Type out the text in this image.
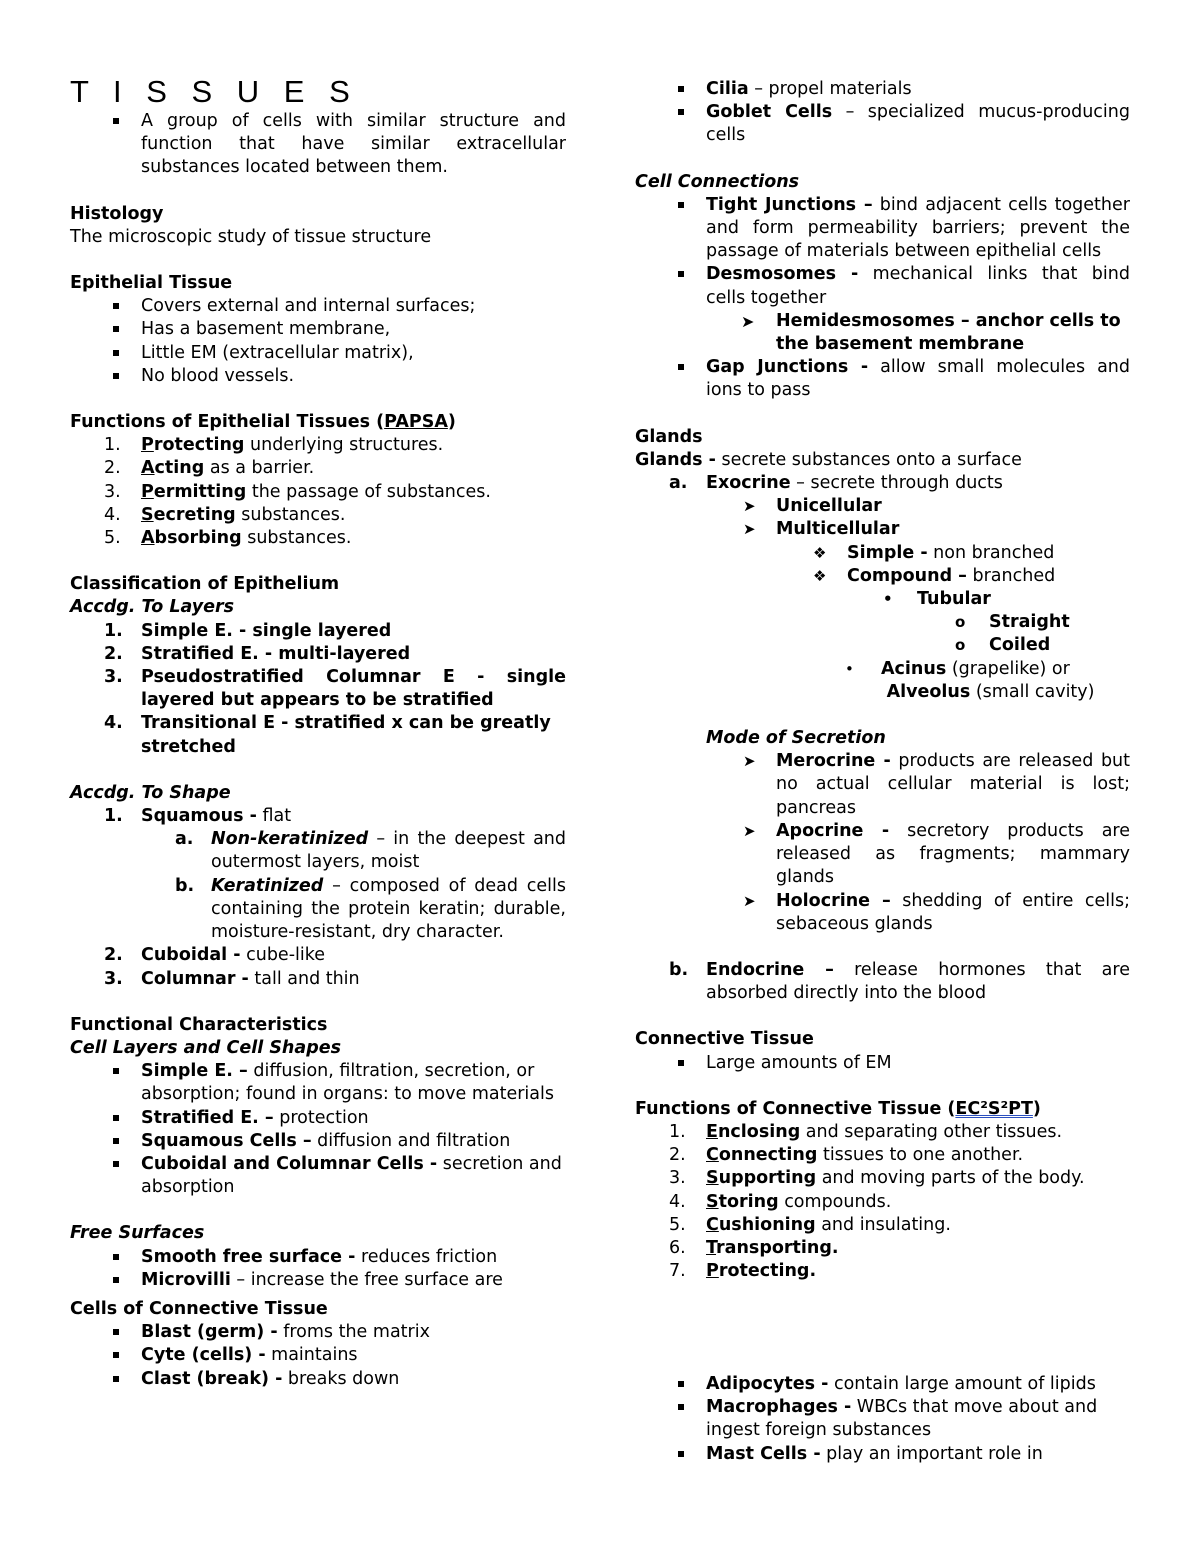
T I S S U E S
A group of cells with similar structure and function that have similar extracellular substances located between them.
Histology
The microscopic study of tissue structure
Epithelial Tissue
Covers external and internal surfaces;
Has a basement membrane,
Little EM (extracellular matrix),
No blood vessels.
Functions of Epithelial Tissues (PAPSA)
1.	Protecting underlying structures.
2.	Acting as a barrier.
3.	Permitting the passage of substances.
4.	Secreting substances.
5.	Absorbing substances.
Classification of Epithelium
Accdg. To Layers
1.	Simple E. - single layered
2.	Stratified E. - multi-layered
3.	Pseudostratified Columnar E - single layered but appears to be stratified
4.	Transitional E - stratified x can be greatly stretched
Accdg. To Shape
1.	Squamous - flat
a.	Non-keratinized – in the deepest and outermost layers, moist
b. Keratinized – composed of dead cells containing the protein keratin; durable, moisture-resistant, dry character.
2.	Cuboidal - cube-like
3.	Columnar - tall and thin
Functional Characteristics
Cell Layers and Cell Shapes
Simple E. – diffusion, filtration, secretion, or absorption; found in organs: to move materials
Stratified E. – protection
Squamous Cells – diffusion and filtration
Cuboidal and Columnar Cells - secretion and absorption
Free Surfaces
Smooth free surface - reduces friction
Microvilli – increase the free surface are
Cells of Connective Tissue
Blast (germ) - froms the matrix
Cyte (cells) - maintains
Clast (break) - breaks down
Cilia – propel materials
Goblet Cells – specialized mucus-producing cells
Cell Connections
Tight Junctions – bind adjacent cells together and form permeability barriers; prevent the passage of materials between epithelial cells
Desmosomes - mechanical links that bind cells together
➤	Hemidesmosomes – anchor cells to the basement membrane
Gap Junctions - allow small molecules and ions to pass
Glands
Glands - secrete substances onto a surface
a.	Exocrine – secrete through ducts
➤	Unicellular
➤	Multicellular
❖	Simple - non branched
❖	Compound – branched
•	Tubular
o	Straight
o	Coiled
•	Acinus (grapelike) or
Alveolus (small cavity)
Mode of Secretion
➤	Merocrine - products are released but no actual cellular material is lost; pancreas
➤	Apocrine - secretory products are released as fragments; mammary glands
➤	Holocrine – shedding of entire cells; sebaceous glands
b.	Endocrine – release hormones that are absorbed directly into the blood
Connective Tissue
Large amounts of EM
Functions of Connective Tissue (EC²S²PT)
1.	Enclosing and separating other tissues.
2.	Connecting tissues to one another.
3.	Supporting and moving parts of the body.
4.	Storing compounds.
5.	Cushioning and insulating.
6.	Transporting.
7.	Protecting.
Adipocytes - contain large amount of lipids
Macrophages - WBCs that move about and ingest foreign substances
Mast Cells - play an important role in
